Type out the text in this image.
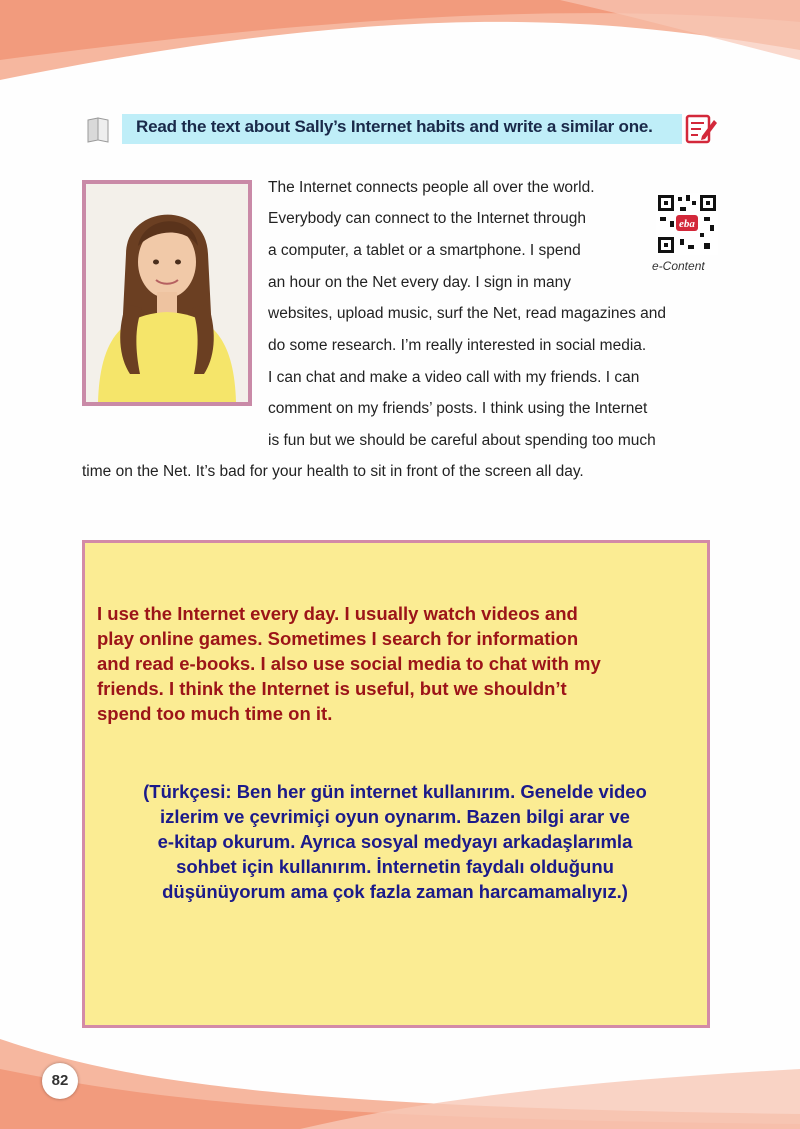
Read the text about Sally’s Internet habits and write a similar one.
eba
e-Content
The Internet connects people all over the world.
Everybody can connect to the Internet through
a computer, a tablet or a smartphone. I spend
an hour on the Net every day. I sign in many
websites, upload music, surf the Net, read magazines and
do some research. I’m really interested in social media.
I can chat and make a video call with my friends. I can
comment on my friends’ posts. I think using the Internet
is fun but we should be careful about spending too much
time on the Net. It’s bad for your health to sit in front of the screen all day.
I use the Internet every day. I usually watch videos and
play online games. Sometimes I search for information
and read e-books. I also use social media to chat with my
friends. I think the Internet is useful, but we shouldn’t
spend too much time on it.
(Türkçesi: Ben her gün internet kullanırım. Genelde video
izlerim ve çevrimiçi oyun oynarım. Bazen bilgi arar ve
e-kitap okurum. Ayrıca sosyal medyayı arkadaşlarımla
sohbet için kullanırım. İnternetin faydalı olduğunu
düşünüyorum ama çok fazla zaman harcamamalıyız.)
82
